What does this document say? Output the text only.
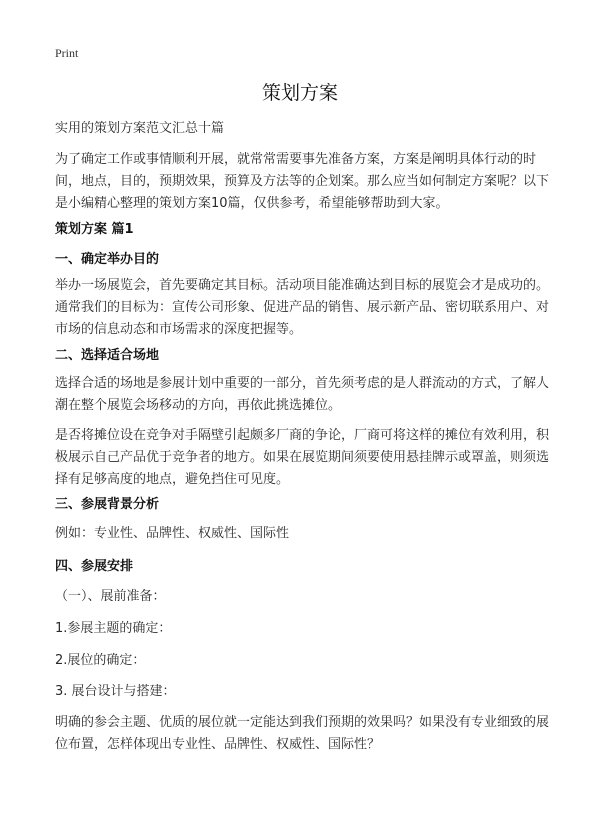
Print
策划方案

实用的策划方案范文汇总十篇

为了确定工作或事情顺利开展，就常常需要事先准备方案，方案是阐明具体行动的时间，地点，目的，预期效果，预算及方法等的企划案。那么应当如何制定方案呢？以下是小编精心整理的策划方案10篇，仅供参考，希望能够帮助到大家。

策划方案 篇1

一、确定举办目的

举办一场展览会，首先要确定其目标。活动项目能准确达到目标的展览会才是成功的。通常我们的目标为：宣传公司形象、促进产品的销售、展示新产品、密切联系用户、对市场的信息动态和市场需求的深度把握等。

二、选择适合场地

选择合适的场地是参展计划中重要的一部分，首先须考虑的是人群流动的方式，了解人潮在整个展览会场移动的方向，再依此挑选摊位。

是否将摊位设在竞争对手隔壁引起颇多厂商的争论，厂商可将这样的摊位有效利用，积极展示自己产品优于竞争者的地方。如果在展览期间须要使用悬挂牌示或罩盖，则须选择有足够高度的地点，避免挡住可见度。

三、参展背景分析

例如：专业性、品牌性、权威性、国际性

四、参展安排

（一）、展前准备：

1.参展主题的确定：

2.展位的确定：

3. 展台设计与搭建：

明确的参会主题、优质的展位就一定能达到我们预期的效果吗？如果没有专业细致的展位布置，怎样体现出专业性、品牌性、权威性、国际性？
